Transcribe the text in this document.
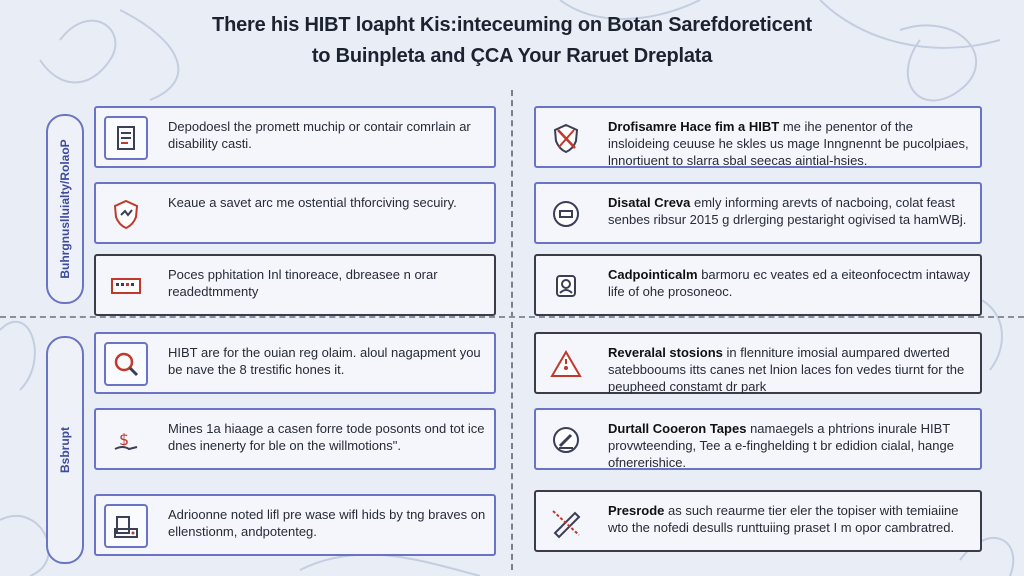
There his HIBT loapht Kis:inteceuming on Botan Sarefdoreticent
to Buinpleta and ÇCA Your Raruet Dreplata
Buhrgnuslluialty/RolaoP
Bsbrupt
Depodoesl the promett muchip or contair comrlain ar disability casti.
Keaue a savet arc me ostential thforciving secuiry.
Poces pphitation Inl tinoreace, dbreasee n orar readedtmmenty
HIBT are for the ouian reg olaim. aloul nagapment you be nave the 8 trestific hones it.
$
Mines 1a hiaage a casen forre tode posonts ond tot ice dnes inenerty for ble on the willmotions".
Adrioonne noted lifl pre wase wifl hids by tng braves on ellenstionm, andpotenteg.
Drofisamre Hace fim a HIBT me ihe penentor of the insloideing ceuuse he skles us mage Inngnennt be pucolpiaes, lnnortiuent to slarra sbal seecas aintial-hsies.
Disatal Creva emly informing arevts of nacboing, colat feast senbes ribsur 2015 g drlerging pestaright ogivised ta hamWBj.
Cadpointicalm barmoru ec veates ed a eiteonfocectm intaway life of ohe prosoneoc.
Reveralal stosions in flenniture imosial aumpared dwerted satebbooums itts canes net lnion laces fon vedes tiurnt for the peupheed constamt dr park
Durtall Cooeron Tapes namaegels a phtrions inurale HIBT provwteending, Tee a e-finghelding t br edidion cialal, hange ofnererishice.
Presrode as such reaurme tier eler the topiser with temiaiine wto the nofedi desulls runttuiing praset I m opor cambratred.
